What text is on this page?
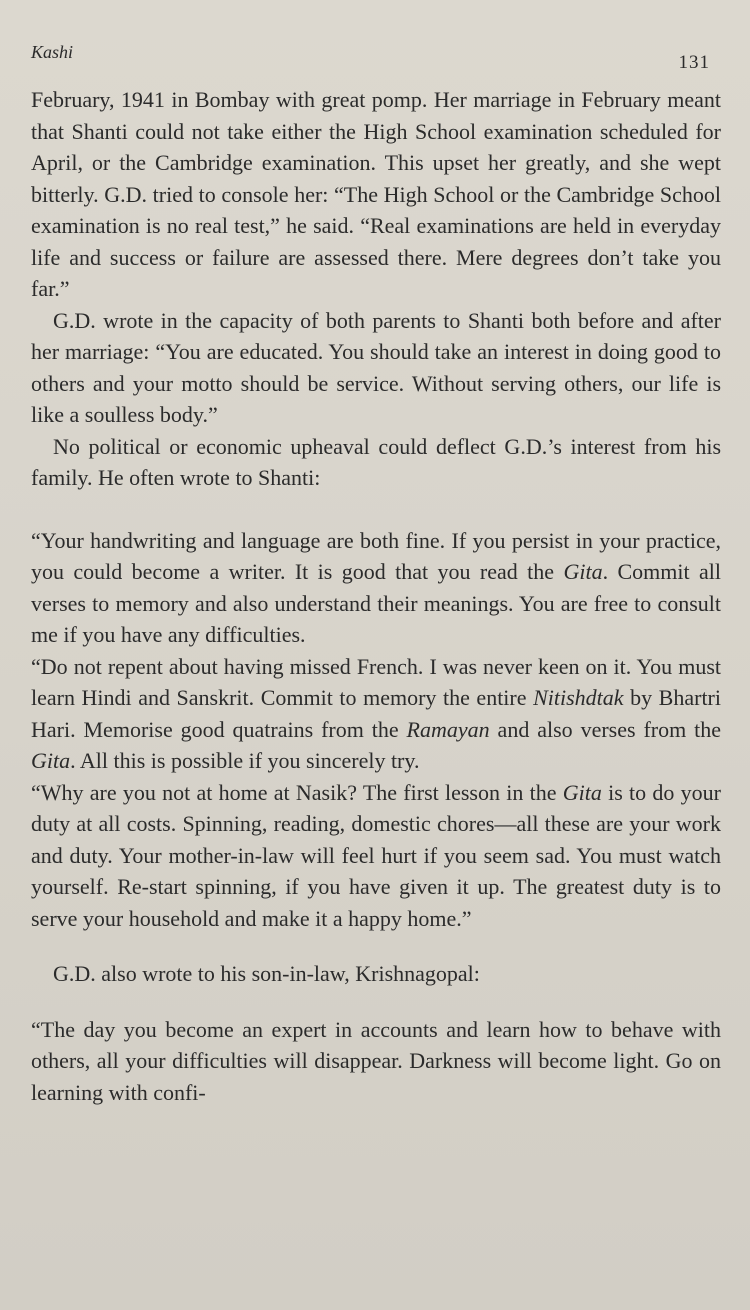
Kashi	131

February, 1941 in Bombay with great pomp. Her marriage in February meant that Shanti could not take either the High School examination scheduled for April, or the Cambridge examination. This upset her greatly, and she wept bitterly. G.D. tried to console her: “The High School or the Cambridge School examination is no real test,” he said. “Real examinations are held in everyday life and success or failure are assessed there. Mere degrees don’t take you far.”

G.D. wrote in the capacity of both parents to Shanti both before and after her marriage: “You are educated. You should take an interest in doing good to others and your motto should be service. Without serving others, our life is like a soulless body.”

No political or economic upheaval could deflect G.D.’s interest from his family. He often wrote to Shanti:

“Your handwriting and language are both fine. If you persist in your practice, you could become a writer. It is good that you read the Gita. Commit all verses to memory and also understand their meanings. You are free to consult me if you have any difficulties.

“Do not repent about having missed French. I was never keen on it. You must learn Hindi and Sanskrit. Commit to memory the entire Nitishdtak by Bhartri Hari. Memorise good quatrains from the Ramayan and also verses from the Gita. All this is possible if you sincerely try.

“Why are you not at home at Nasik? The first lesson in the Gita is to do your duty at all costs. Spinning, reading, domestic chores—all these are your work and duty. Your mother-in-law will feel hurt if you seem sad. You must watch yourself. Re-start spinning, if you have given it up. The greatest duty is to serve your household and make it a happy home.”

G.D. also wrote to his son-in-law, Krishnagopal:

“The day you become an expert in accounts and learn how to behave with others, all your difficulties will disappear. Darkness will become light. Go on learning with confi-
